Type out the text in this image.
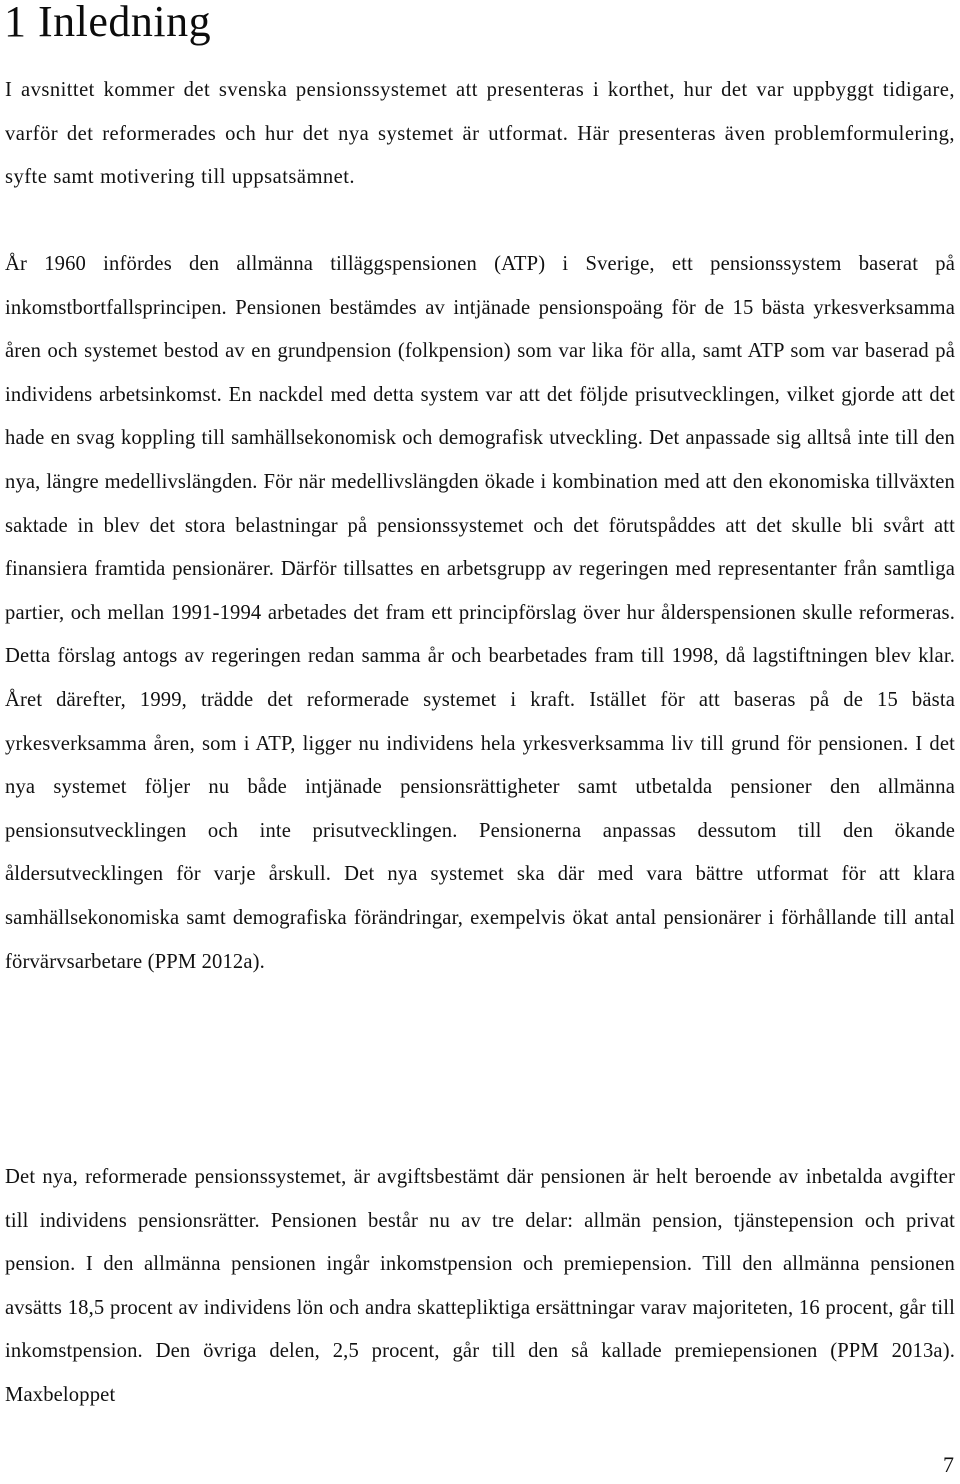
1 Inledning

I avsnittet kommer det svenska pensionssystemet att presenteras i korthet, hur det var uppbyggt tidigare, varför det reformerades och hur det nya systemet är utformat. Här presenteras även problemformulering, syfte samt motivering till uppsatsämnet.

År 1960 infördes den allmänna tilläggspensionen (ATP) i Sverige, ett pensionssystem baserat på inkomstbortfallsprincipen. Pensionen bestämdes av intjänade pensionspoäng för de 15 bästa yrkesverksamma åren och systemet bestod av en grundpension (folkpension) som var lika för alla, samt ATP som var baserad på individens arbetsinkomst. En nackdel med detta system var att det följde prisutvecklingen, vilket gjorde att det hade en svag koppling till samhällsekonomisk och demografisk utveckling. Det anpassade sig alltså inte till den nya, längre medellivslängden. För när medellivslängden ökade i kombination med att den ekonomiska tillväxten saktade in blev det stora belastningar på pensionssystemet och det förutspåddes att det skulle bli svårt att finansiera framtida pensionärer. Därför tillsattes en arbetsgrupp av regeringen med representanter från samtliga partier, och mellan 1991-1994 arbetades det fram ett principförslag över hur ålderspensionen skulle reformeras. Detta förslag antogs av regeringen redan samma år och bearbetades fram till 1998, då lagstiftningen blev klar. Året därefter, 1999, trädde det reformerade systemet i kraft. Istället för att baseras på de 15 bästa yrkesverksamma åren, som i ATP, ligger nu individens hela yrkesverksamma liv till grund för pensionen. I det nya systemet följer nu både intjänade pensionsrättigheter samt utbetalda pensioner den allmänna pensionsutvecklingen och inte prisutvecklingen. Pensionerna anpassas dessutom till den ökande åldersutvecklingen för varje årskull. Det nya systemet ska där med vara bättre utformat för att klara samhällsekonomiska samt demografiska förändringar, exempelvis ökat antal pensionärer i förhållande till antal förvärvsarbetare (PPM 2012a).

Det nya, reformerade pensionssystemet, är avgiftsbestämt där pensionen är helt beroende av inbetalda avgifter till individens pensionsrätter. Pensionen består nu av tre delar: allmän pension, tjänstepension och privat pension. I den allmänna pensionen ingår inkomstpension och premiepension. Till den allmänna pensionen avsätts 18,5 procent av individens lön och andra skattepliktiga ersättningar varav majoriteten, 16 procent, går till inkomstpension. Den övriga delen, 2,5 procent, går till den så kallade premiepensionen (PPM 2013a). Maxbeloppet

7
